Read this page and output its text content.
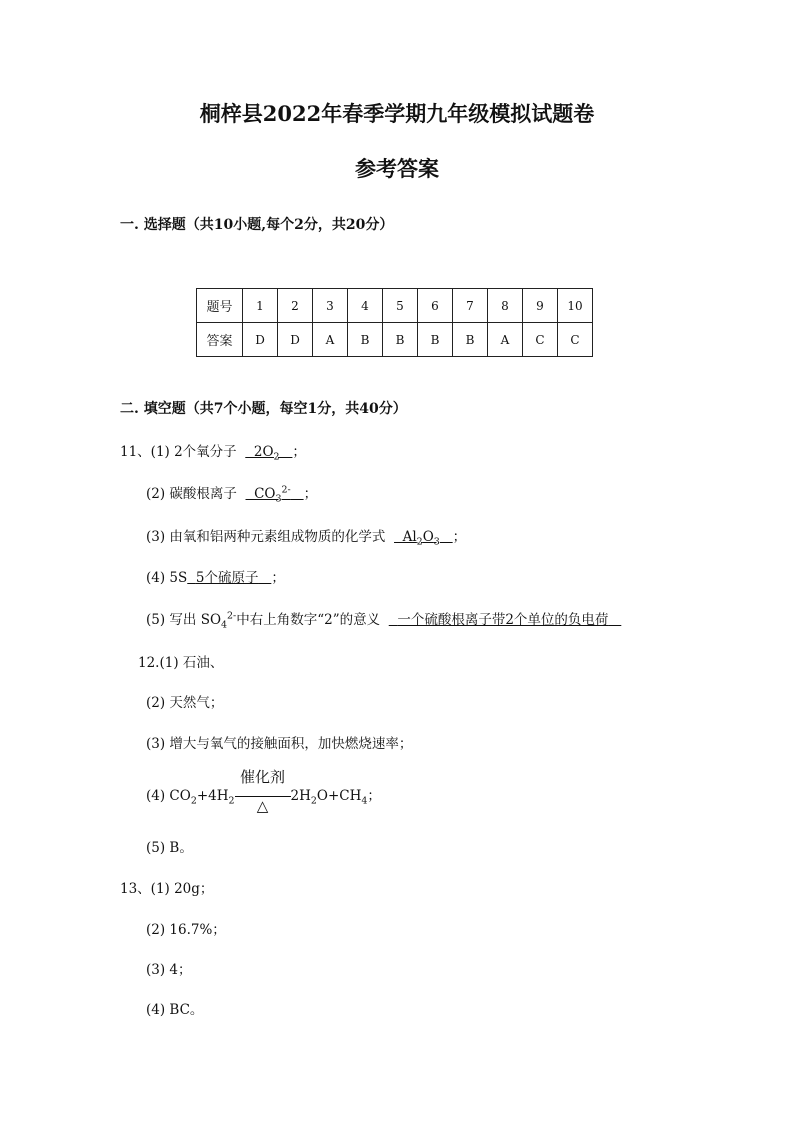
桐梓县2022年春季学期九年级模拟试题卷
参考答案
一. 选择题（共10小题,每个2分，共20分）
题号	1	2	3	4	5	6	7	8	9	10
答案	D	D	A	B	B	B	B	A	C	C
二. 填空题（共7个小题，每空1分，共40分）
11、(1) 2个氧分子    $2O_2$ ；
(2) 碳酸根离子    $CO_3^{2-}$ ；
(3) 由氧和铝两种元素组成物质的化学式    $Al_2O_3$ ；
(4) 5S 5个硫原子 ；
(5) 写出 $SO_4^{2-}$中右上角数字“2”的意义    一个硫酸根离子带2个单位的负电荷
12.(1) 石油、
(2) 天然气；
(3) 增大与氧气的接触面积，加快燃烧速率；
(4) $CO_2+4H_2$
催化剂
△
$2H_2O+CH_4$；
(5) B。
13、(1) 20g；
(2) 16.7%；
(3) 4；
(4) BC。
